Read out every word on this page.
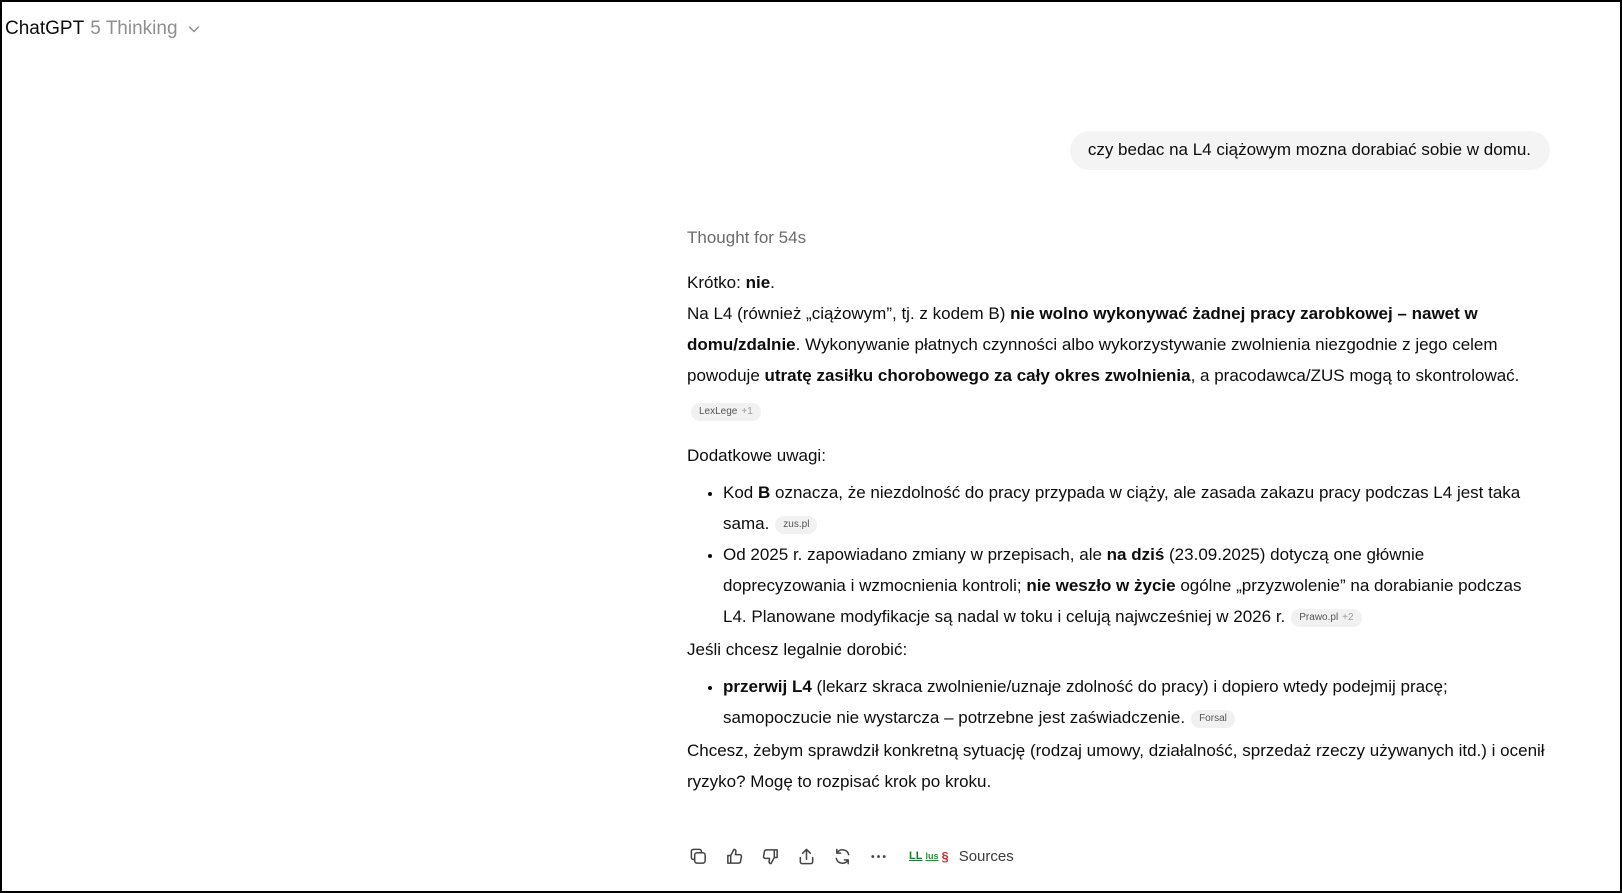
ChatGPT 5 Thinking
czy bedac na L4 ciążowym mozna dorabiać sobie w domu.
Thought for 54s

Krótko: nie.

Na L4 (również „ciążowym”, tj. z kodem B) nie wolno wykonywać żadnej pracy zarobkowej – nawet w domu/zdalnie. Wykonywanie płatnych czynności albo wykorzystywanie zwolnienia niezgodnie z jego celem powoduje utratę zasiłku chorobowego za cały okres zwolnienia, a pracodawca/ZUS mogą to skontrolować.

LexLege +1

Dodatkowe uwagi:

• Kod B oznacza, że niezdolność do pracy przypada w ciąży, ale zasada zakazu pracy podczas L4 jest taka sama. zus.pl
• Od 2025 r. zapowiadano zmiany w przepisach, ale na dziś (23.09.2025) dotyczą one głównie doprecyzowania i wzmocnienia kontroli; nie weszło w życie ogólne „przyzwolenie” na dorabianie podczas L4. Planowane modyfikacje są nadal w toku i celują najwcześniej w 2026 r. Prawo.pl +2

Jeśli chcesz legalnie dorobić:

• przerwij L4 (lekarz skraca zwolnienie/uznaje zdolność do pracy) i dopiero wtedy podejmij pracę; samopoczucie nie wystarcza – potrzebne jest zaświadczenie. Forsal

Chcesz, żebym sprawdził konkretną sytuację (rodzaj umowy, działalność, sprzedaż rzeczy używanych itd.) i ocenił ryzyko? Mogę to rozpisać krok po kroku.

LL lus § Sources
